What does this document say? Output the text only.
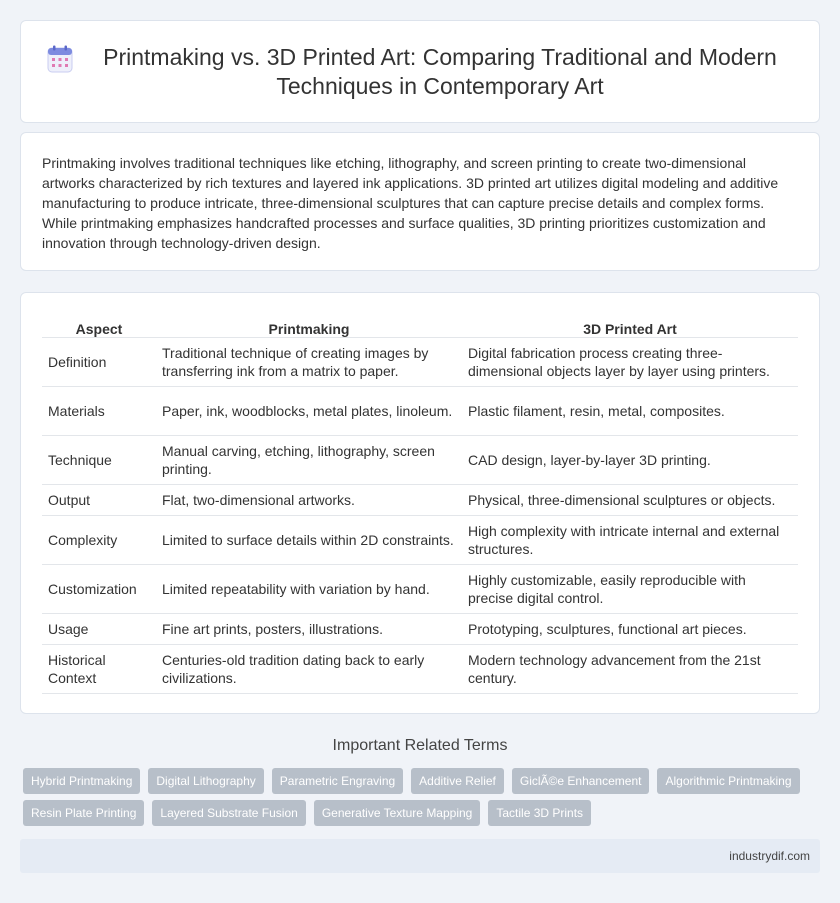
Printmaking vs. 3D Printed Art: Comparing Traditional and Modern Techniques in Contemporary Art

Printmaking involves traditional techniques like etching, lithography, and screen printing to create two-dimensional artworks characterized by rich textures and layered ink applications. 3D printed art utilizes digital modeling and additive manufacturing to produce intricate, three-dimensional sculptures that can capture precise details and complex forms. While printmaking emphasizes handcrafted processes and surface qualities, 3D printing prioritizes customization and innovation through technology-driven design.

Aspect	Printmaking	3D Printed Art
Definition	Traditional technique of creating images by transferring ink from a matrix to paper.	Digital fabrication process creating three-dimensional objects layer by layer using printers.
Materials	Paper, ink, woodblocks, metal plates, linoleum.	Plastic filament, resin, metal, composites.
Technique	Manual carving, etching, lithography, screen printing.	CAD design, layer-by-layer 3D printing.
Output	Flat, two-dimensional artworks.	Physical, three-dimensional sculptures or objects.
Complexity	Limited to surface details within 2D constraints.	High complexity with intricate internal and external structures.
Customization	Limited repeatability with variation by hand.	Highly customizable, easily reproducible with precise digital control.
Usage	Fine art prints, posters, illustrations.	Prototyping, sculptures, functional art pieces.
Historical Context	Centuries-old tradition dating back to early civilizations.	Modern technology advancement from the 21st century.
Important Related Terms
Hybrid Printmaking	Digital Lithography	Parametric Engraving	Additive Relief	GiclÃ©e Enhancement	Algorithmic Printmaking
Resin Plate Printing	Layered Substrate Fusion	Generative Texture Mapping	Tactile 3D Prints
industrydif.com
